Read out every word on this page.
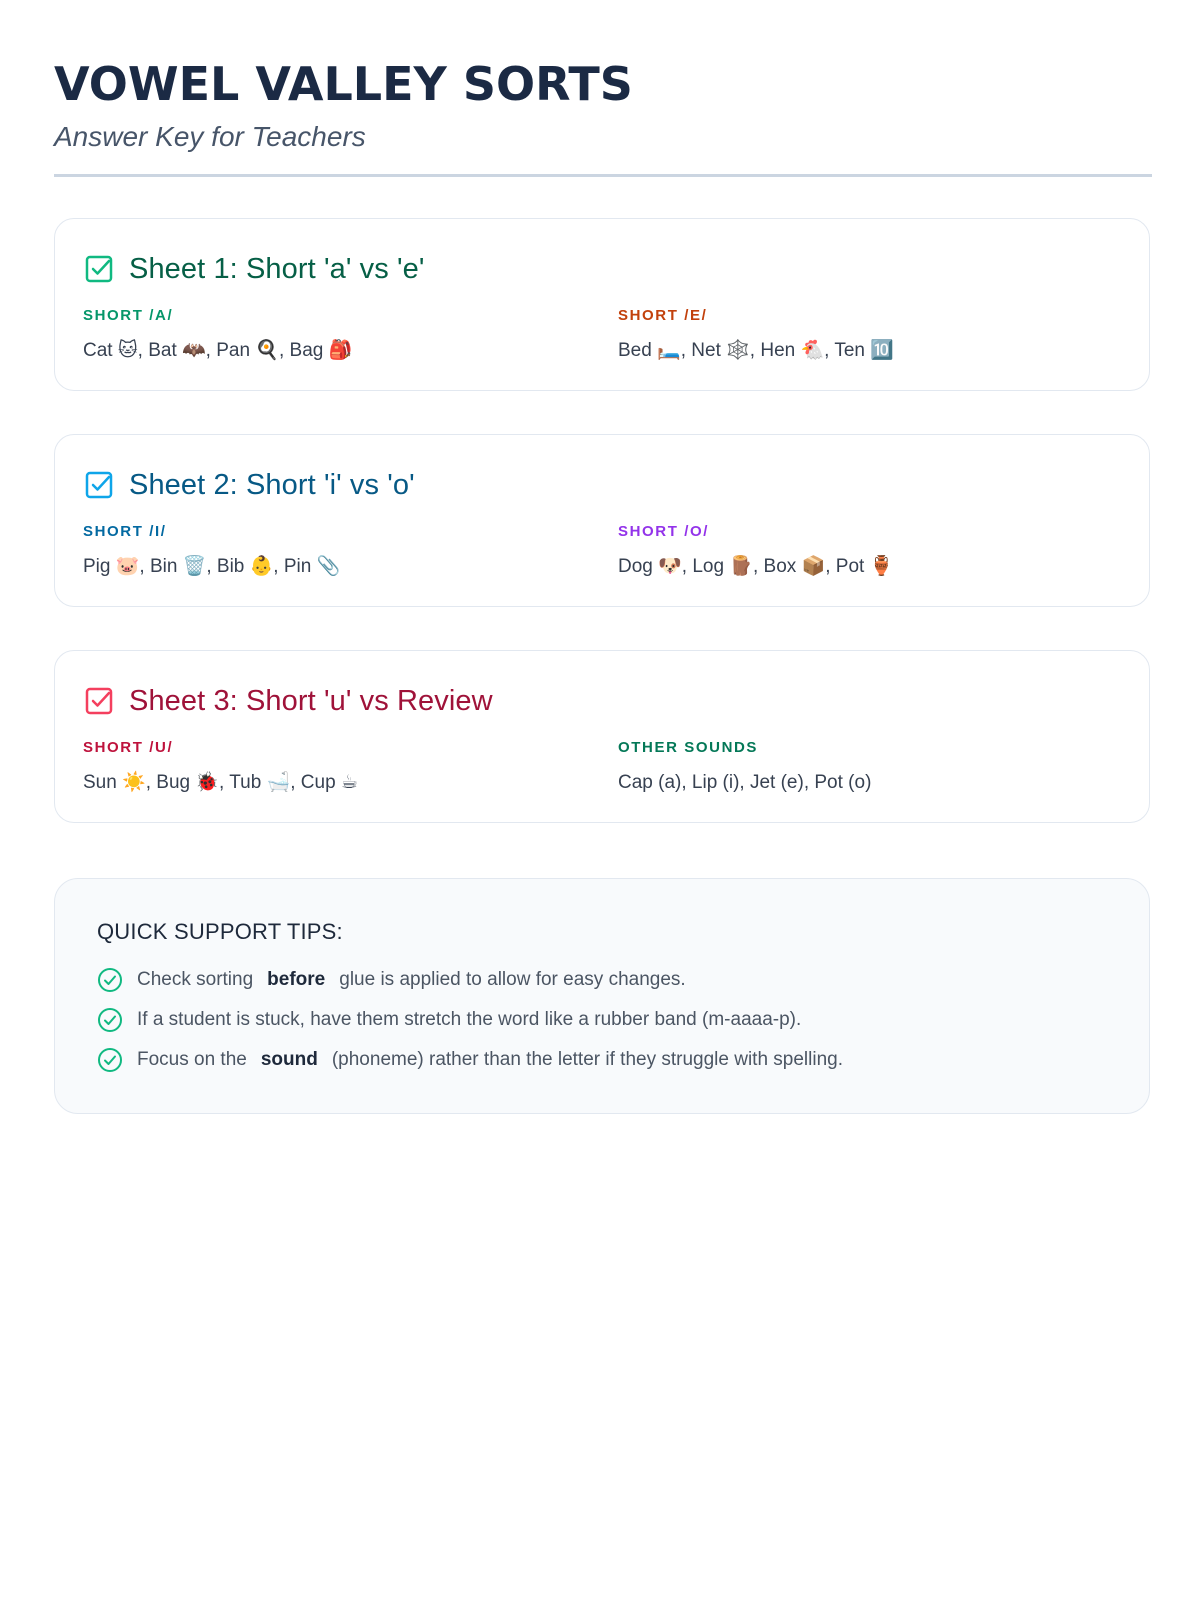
VOWEL VALLEY SORTS
Answer Key for Teachers
Sheet 1: Short 'a' vs 'e'
SHORT /A/
Cat 🐱, Bat 🦇, Pan 🍳, Bag 🎒
SHORT /E/
Bed 🛏️, Net 🕸️, Hen 🐔, Ten 🔟
Sheet 2: Short 'i' vs 'o'
SHORT /I/
Pig 🐷, Bin 🗑️, Bib 👶, Pin 📎
SHORT /O/
Dog 🐶, Log 🪵, Box 📦, Pot 🏺
Sheet 3: Short 'u' vs Review
SHORT /U/
Sun ☀️, Bug 🐞, Tub 🛁, Cup ☕
OTHER SOUNDS
Cap (a), Lip (i), Jet (e), Pot (o)
QUICK SUPPORT TIPS:
Check sorting before glue is applied to allow for easy changes.
If a student is stuck, have them stretch the word like a rubber band (m-aaaa-p).
Focus on the sound (phoneme) rather than the letter if they struggle with spelling.
